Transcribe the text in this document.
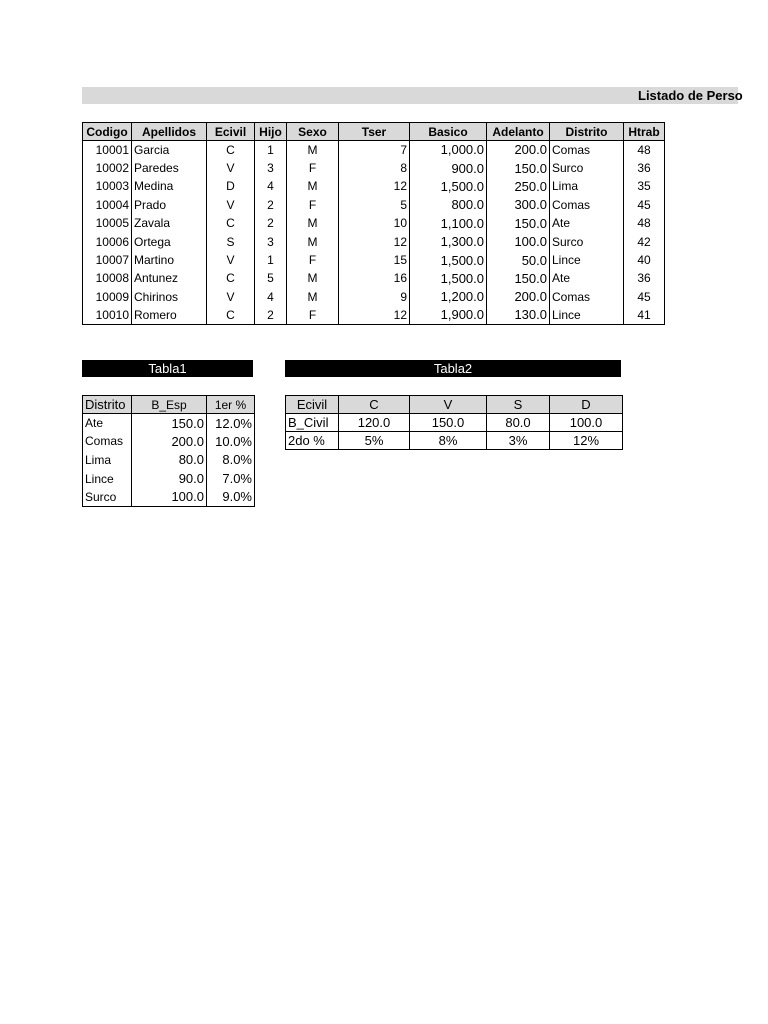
Listado de Perso
Codigo	Apellidos	Ecivil	Hijo	Sexo	Tser	Basico	Adelanto	Distrito	Htrab
10001	Garcia	C	1	M	7	1,000.0	200.0	Comas	48
10002	Paredes	V	3	F	8	900.0	150.0	Surco	36
10003	Medina	D	4	M	12	1,500.0	250.0	Lima	35
10004	Prado	V	2	F	5	800.0	300.0	Comas	45
10005	Zavala	C	2	M	10	1,100.0	150.0	Ate	48
10006	Ortega	S	3	M	12	1,300.0	100.0	Surco	42
10007	Martino	V	1	F	15	1,500.0	50.0	Lince	40
10008	Antunez	C	5	M	16	1,500.0	150.0	Ate	36
10009	Chirinos	V	4	M	9	1,200.0	200.0	Comas	45
10010	Romero	C	2	F	12	1,900.0	130.0	Lince	41
Tabla1
Distrito	B_Esp	1er %
Ate	150.0	12.0%
Comas	200.0	10.0%
Lima	80.0	8.0%
Lince	90.0	7.0%
Surco	100.0	9.0%
Tabla2
Ecivil	C	V	S	D
B_Civil	120.0	150.0	80.0	100.0
2do %	5%	8%	3%	12%
